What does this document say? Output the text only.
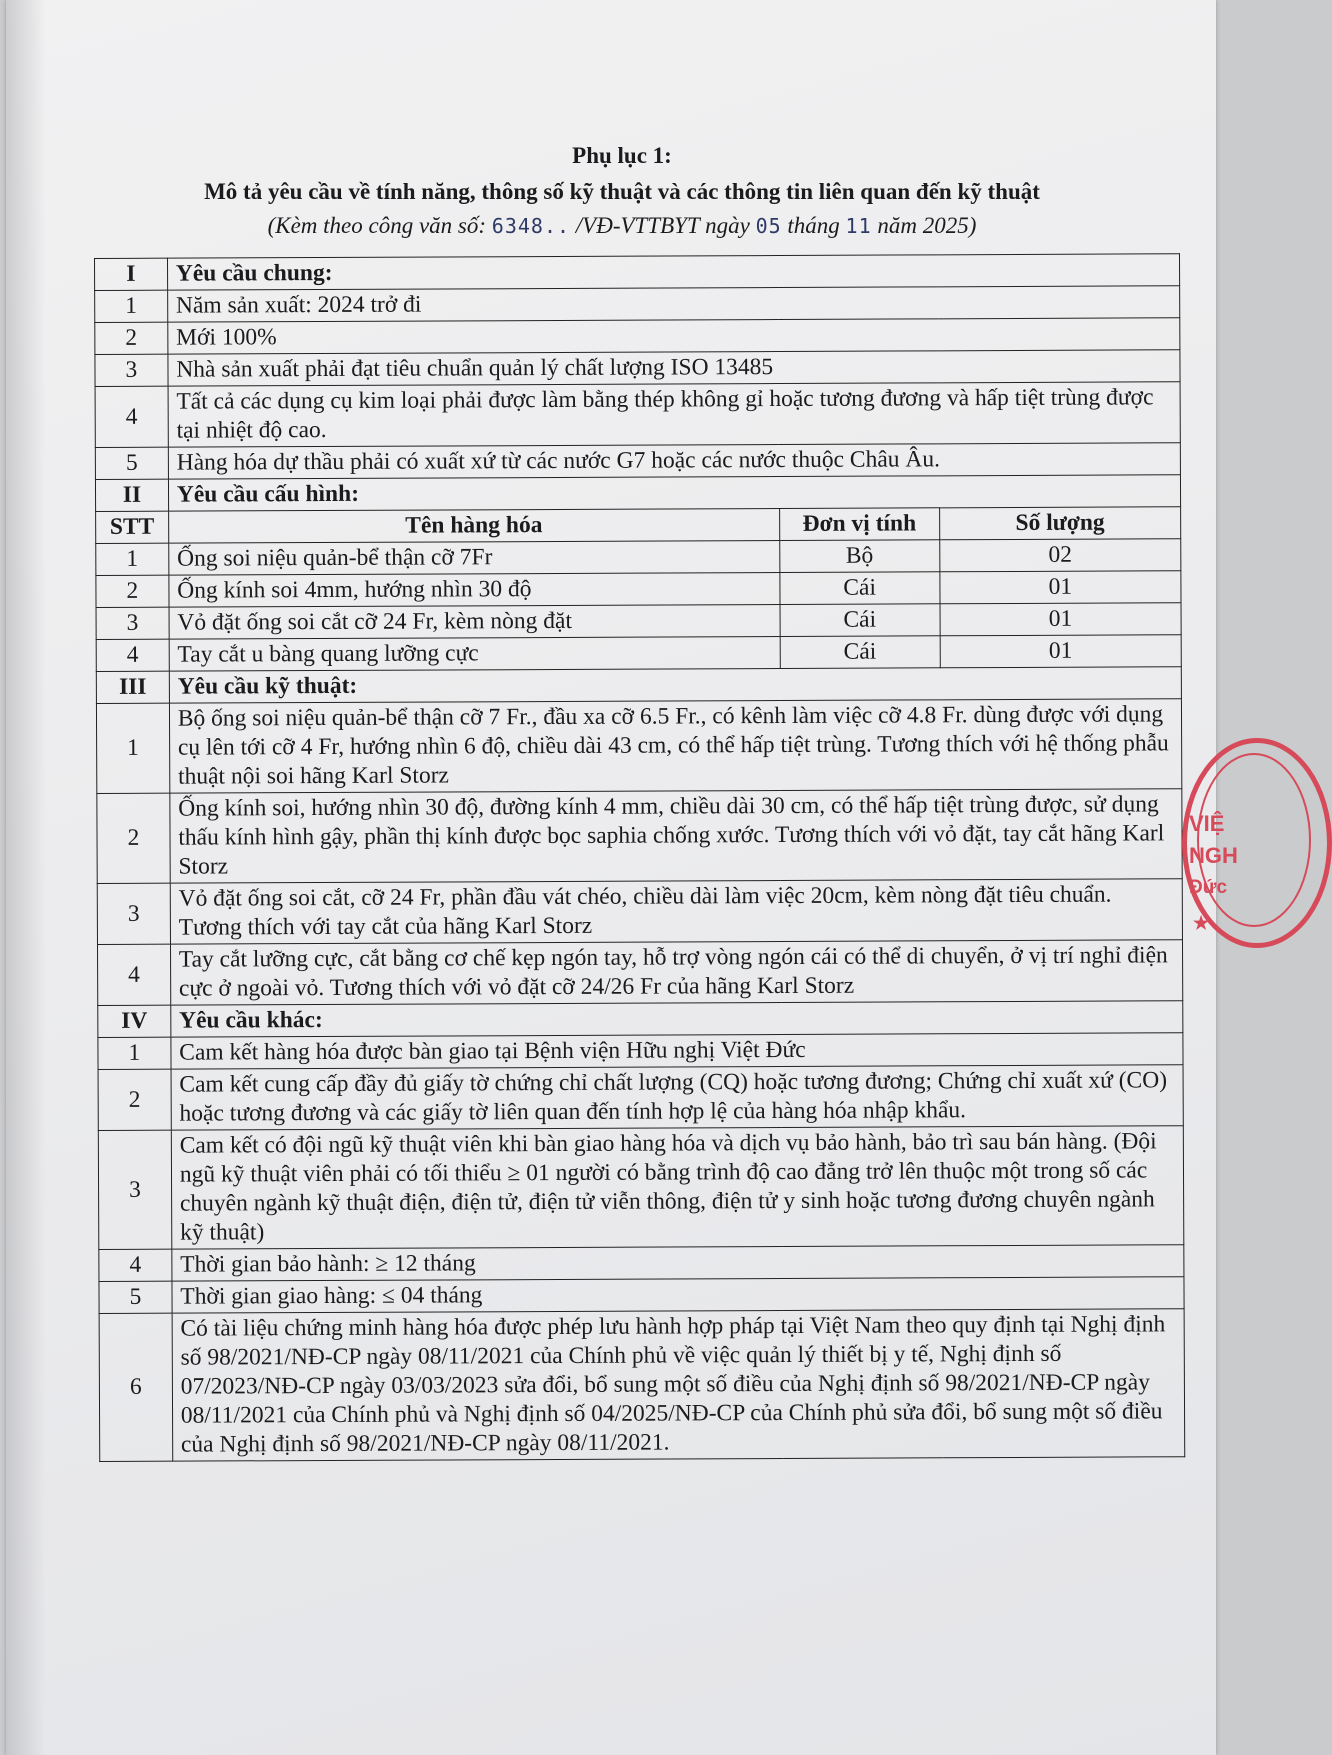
Phụ lục 1:
Mô tả yêu cầu về tính năng, thông số kỹ thuật và các thông tin liên quan đến kỹ thuật
(Kèm theo công văn số: 6348.. /VĐ-VTTBYT ngày 05 tháng 11 năm 2025)
I	Yêu cầu chung:		
1	Năm sản xuất: 2024 trở đi		
2	Mới 100%		
3	Nhà sản xuất phải đạt tiêu chuẩn quản lý chất lượng ISO 13485		
4	Tất cả các dụng cụ kim loại phải được làm bằng thép không gỉ hoặc tương đương và hấp tiệt trùng được tại nhiệt độ cao.		
5	Hàng hóa dự thầu phải có xuất xứ từ các nước G7 hoặc các nước thuộc Châu Âu.		
II	Yêu cầu cấu hình:		
STT	Tên hàng hóa	Đơn vị tính	Số lượng
1	Ống soi niệu quản-bể thận cỡ 7Fr	Bộ	02
2	Ống kính soi 4mm, hướng nhìn 30 độ	Cái	01
3	Vỏ đặt ống soi cắt cỡ 24 Fr, kèm nòng đặt	Cái	01
4	Tay cắt u bàng quang lưỡng cực	Cái	01
III	Yêu cầu kỹ thuật:		
1	Bộ ống soi niệu quản-bể thận cỡ 7 Fr., đầu xa cỡ 6.5 Fr., có kênh làm việc cỡ 4.8 Fr. dùng được với dụng cụ lên tới cỡ 4 Fr, hướng nhìn 6 độ, chiều dài 43 cm, có thể hấp tiệt trùng. Tương thích với hệ thống phẫu thuật nội soi hãng Karl Storz		
2	Ống kính soi, hướng nhìn 30 độ, đường kính 4 mm, chiều dài 30 cm, có thể hấp tiệt trùng được, sử dụng thấu kính hình gậy, phần thị kính được bọc saphia chống xước. Tương thích với vỏ đặt, tay cắt hãng Karl Storz		
3	Vỏ đặt ống soi cắt, cỡ 24 Fr, phần đầu vát chéo, chiều dài làm việc 20cm, kèm nòng đặt tiêu chuẩn. Tương thích với tay cắt của hãng Karl Storz		
4	Tay cắt lưỡng cực, cắt bằng cơ chế kẹp ngón tay, hỗ trợ vòng ngón cái có thể di chuyển, ở vị trí nghỉ điện cực ở ngoài vỏ. Tương thích với vỏ đặt cỡ 24/26 Fr của hãng Karl Storz		
IV	Yêu cầu khác:		
1	Cam kết hàng hóa được bàn giao tại Bệnh viện Hữu nghị Việt Đức		
2	Cam kết cung cấp đầy đủ giấy tờ chứng chỉ chất lượng (CQ) hoặc tương đương; Chứng chỉ xuất xứ (CO) hoặc tương đương và các giấy tờ liên quan đến tính hợp lệ của hàng hóa nhập khẩu.		
3	Cam kết có đội ngũ kỹ thuật viên khi bàn giao hàng hóa và dịch vụ bảo hành, bảo trì sau bán hàng. (Đội ngũ kỹ thuật viên phải có tối thiểu ≥ 01 người có bằng trình độ cao đẳng trở lên thuộc một trong số các chuyên ngành kỹ thuật điện, điện tử, điện tử viễn thông, điện tử y sinh hoặc tương đương chuyên ngành kỹ thuật)		
4	Thời gian bảo hành: ≥ 12 tháng		
5	Thời gian giao hàng: ≤ 04 tháng		
6	Có tài liệu chứng minh hàng hóa được phép lưu hành hợp pháp tại Việt Nam theo quy định tại Nghị định số 98/2021/NĐ-CP ngày 08/11/2021 của Chính phủ về việc quản lý thiết bị y tế, Nghị định số 07/2023/NĐ-CP ngày 03/03/2023 sửa đổi, bổ sung một số điều của Nghị định số 98/2021/NĐ-CP ngày 08/11/2021 của Chính phủ và Nghị định số 04/2025/NĐ-CP của Chính phủ sửa đổi, bổ sung một số điều của Nghị định số 98/2021/NĐ-CP ngày 08/11/2021.		
VIỆ
NGH
Đức
★
